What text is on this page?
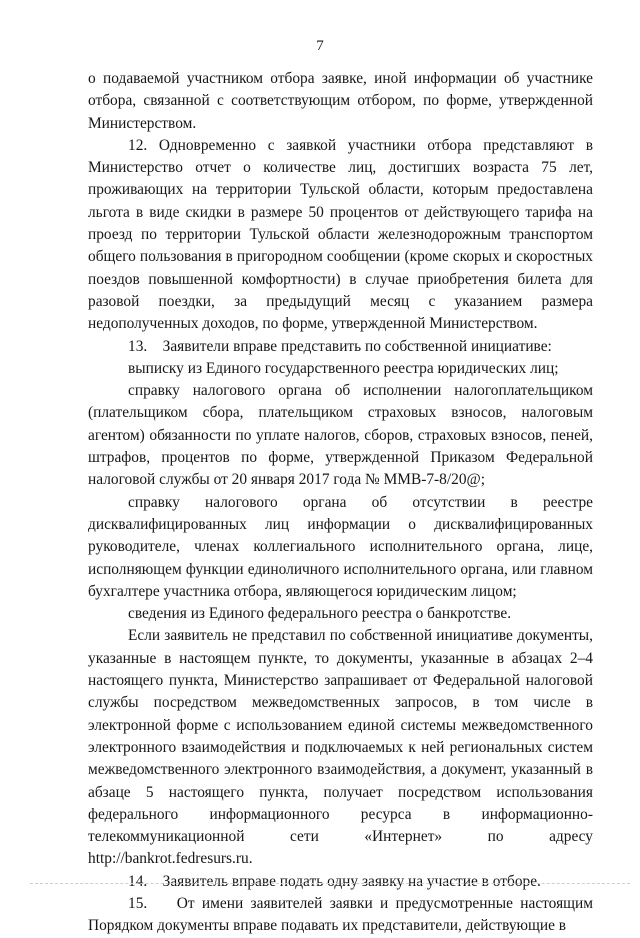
7

о подаваемой участником отбора заявке, иной информации об участнике отбора, связанной с соответствующим отбором, по форме, утвержденной Министерством.

12. Одновременно с заявкой участники отбора представляют в Министерство отчет о количестве лиц, достигших возраста 75 лет, проживающих на территории Тульской области, которым предоставлена льгота в виде скидки в размере 50 процентов от действующего тарифа на проезд по территории Тульской области железнодорожным транспортом общего пользования в пригородном сообщении (кроме скорых и скоростных поездов повышенной комфортности) в случае приобретения билета для разовой поездки, за предыдущий месяц с указанием размера недополученных доходов, по форме, утвержденной Министерством.

13.    Заявители вправе представить по собственной инициативе:

выписку из Единого государственного реестра юридических лиц;

справку налогового органа об исполнении налогоплательщиком (плательщиком сбора, плательщиком страховых взносов, налоговым агентом) обязанности по уплате налогов, сборов, страховых взносов, пеней, штрафов, процентов по форме, утвержденной Приказом Федеральной налоговой службы от 20 января 2017 года № ММВ-7-8/20@;

справку налогового органа об отсутствии в реестре дисквалифицированных лиц информации о дисквалифицированных руководителе, членах коллегиального исполнительного органа, лице, исполняющем функции единоличного исполнительного органа, или главном бухгалтере участника отбора, являющегося юридическим лицом;

сведения из Единого федерального реестра о банкротстве.

Если заявитель не представил по собственной инициативе документы, указанные в настоящем пункте, то документы, указанные в абзацах 2–4 настоящего пункта, Министерство запрашивает от Федеральной налоговой службы посредством межведомственных запросов, в том числе в электронной форме с использованием единой системы межведомственного электронного взаимодействия и подключаемых к ней региональных систем межведомственного электронного взаимодействия, а документ, указанный в абзаце 5 настоящего пункта, получает посредством использования федерального информационного ресурса в информационно-телекоммуникационной сети «Интернет» по адресу http://bankrot.fedresurs.ru.

14.    Заявитель вправе подать одну заявку на участие в отборе.

15.    От имени заявителей заявки и предусмотренные настоящим Порядком документы вправе подавать их представители, действующие в
